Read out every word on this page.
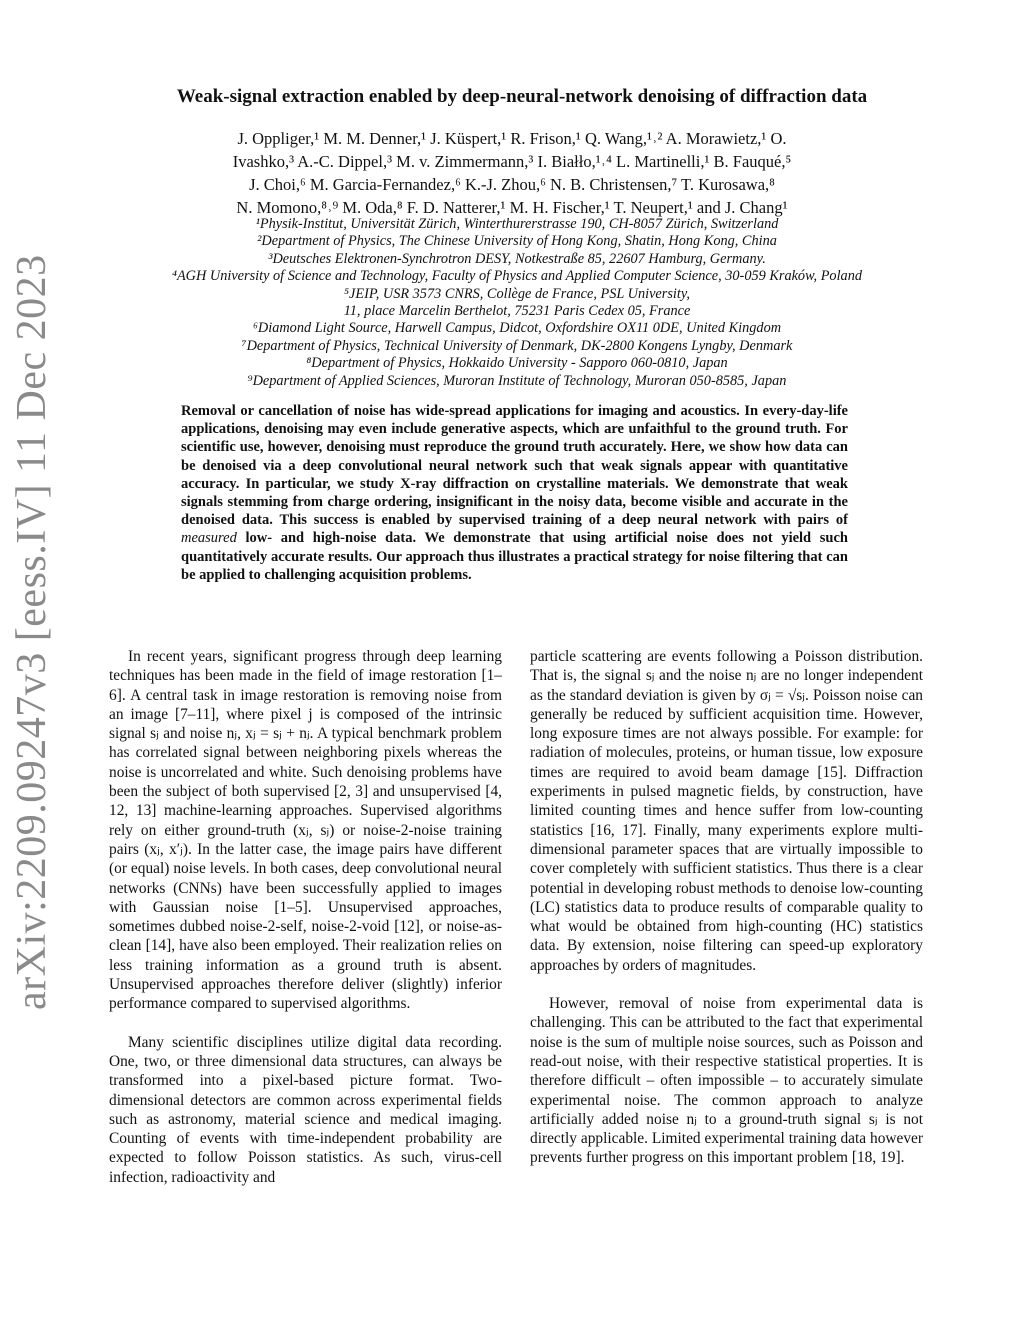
arXiv:2209.09247v3 [eess.IV] 11 Dec 2023
Weak-signal extraction enabled by deep-neural-network denoising of diffraction data
J. Oppliger,¹ M. M. Denner,¹ J. Küspert,¹ R. Frison,¹ Q. Wang,¹˒² A. Morawietz,¹ O.
Ivashko,³ A.-C. Dippel,³ M. v. Zimmermann,³ I. Białło,¹˒⁴ L. Martinelli,¹ B. Fauqué,⁵
J. Choi,⁶ M. Garcia-Fernandez,⁶ K.-J. Zhou,⁶ N. B. Christensen,⁷ T. Kurosawa,⁸
N. Momono,⁸˒⁹ M. Oda,⁸ F. D. Natterer,¹ M. H. Fischer,¹ T. Neupert,¹ and J. Chang¹
¹Physik-Institut, Universität Zürich, Winterthurerstrasse 190, CH-8057 Zürich, Switzerland
²Department of Physics, The Chinese University of Hong Kong, Shatin, Hong Kong, China
³Deutsches Elektronen-Synchrotron DESY, Notkestraße 85, 22607 Hamburg, Germany.
⁴AGH University of Science and Technology, Faculty of Physics and Applied Computer Science, 30-059 Kraków, Poland
⁵JEIP, USR 3573 CNRS, Collège de France, PSL University,
11, place Marcelin Berthelot, 75231 Paris Cedex 05, France
⁶Diamond Light Source, Harwell Campus, Didcot, Oxfordshire OX11 0DE, United Kingdom
⁷Department of Physics, Technical University of Denmark, DK-2800 Kongens Lyngby, Denmark
⁸Department of Physics, Hokkaido University - Sapporo 060-0810, Japan
⁹Department of Applied Sciences, Muroran Institute of Technology, Muroran 050-8585, Japan
Removal or cancellation of noise has wide-spread applications for imaging and acoustics. In every-day-life applications, denoising may even include generative aspects, which are unfaithful to the ground truth. For scientific use, however, denoising must reproduce the ground truth accurately. Here, we show how data can be denoised via a deep convolutional neural network such that weak signals appear with quantitative accuracy. In particular, we study X-ray diffraction on crystalline materials. We demonstrate that weak signals stemming from charge ordering, insignificant in the noisy data, become visible and accurate in the denoised data. This success is enabled by supervised training of a deep neural network with pairs of measured low- and high-noise data. We demonstrate that using artificial noise does not yield such quantitatively accurate results. Our approach thus illustrates a practical strategy for noise filtering that can be applied to challenging acquisition problems.

In recent years, significant progress through deep learning techniques has been made in the field of image restoration [1–6]. A central task in image restoration is removing noise from an image [7–11], where pixel j is composed of the intrinsic signal sⱼ and noise nⱼ, xⱼ = sⱼ + nⱼ. A typical benchmark problem has correlated signal between neighboring pixels whereas the noise is uncorrelated and white. Such denoising problems have been the subject of both supervised [2, 3] and unsupervised [4, 12, 13] machine-learning approaches. Supervised algorithms rely on either ground-truth (xⱼ, sⱼ) or noise-2-noise training pairs (xⱼ, x′ⱼ). In the latter case, the image pairs have different (or equal) noise levels. In both cases, deep convolutional neural networks (CNNs) have been successfully applied to images with Gaussian noise [1–5]. Unsupervised approaches, sometimes dubbed noise-2-self, noise-2-void [12], or noise-as-clean [14], have also been employed. Their realization relies on less training information as a ground truth is absent. Unsupervised approaches therefore deliver (slightly) inferior performance compared to supervised algorithms.

Many scientific disciplines utilize digital data recording. One, two, or three dimensional data structures, can always be transformed into a pixel-based picture format. Two-dimensional detectors are common across experimental fields such as astronomy, material science and medical imaging. Counting of events with time-independent probability are expected to follow Poisson statistics. As such, virus-cell infection, radioactivity and

particle scattering are events following a Poisson distribution. That is, the signal sⱼ and the noise nⱼ are no longer independent as the standard deviation is given by σⱼ = √sⱼ. Poisson noise can generally be reduced by sufficient acquisition time. However, long exposure times are not always possible. For example: for radiation of molecules, proteins, or human tissue, low exposure times are required to avoid beam damage [15]. Diffraction experiments in pulsed magnetic fields, by construction, have limited counting times and hence suffer from low-counting statistics [16, 17]. Finally, many experiments explore multi-dimensional parameter spaces that are virtually impossible to cover completely with sufficient statistics. Thus there is a clear potential in developing robust methods to denoise low-counting (LC) statistics data to produce results of comparable quality to what would be obtained from high-counting (HC) statistics data. By extension, noise filtering can speed-up exploratory approaches by orders of magnitudes.

However, removal of noise from experimental data is challenging. This can be attributed to the fact that experimental noise is the sum of multiple noise sources, such as Poisson and read-out noise, with their respective statistical properties. It is therefore difficult – often impossible – to accurately simulate experimental noise. The common approach to analyze artificially added noise nⱼ to a ground-truth signal sⱼ is not directly applicable. Limited experimental training data however prevents further progress on this important problem [18, 19].
